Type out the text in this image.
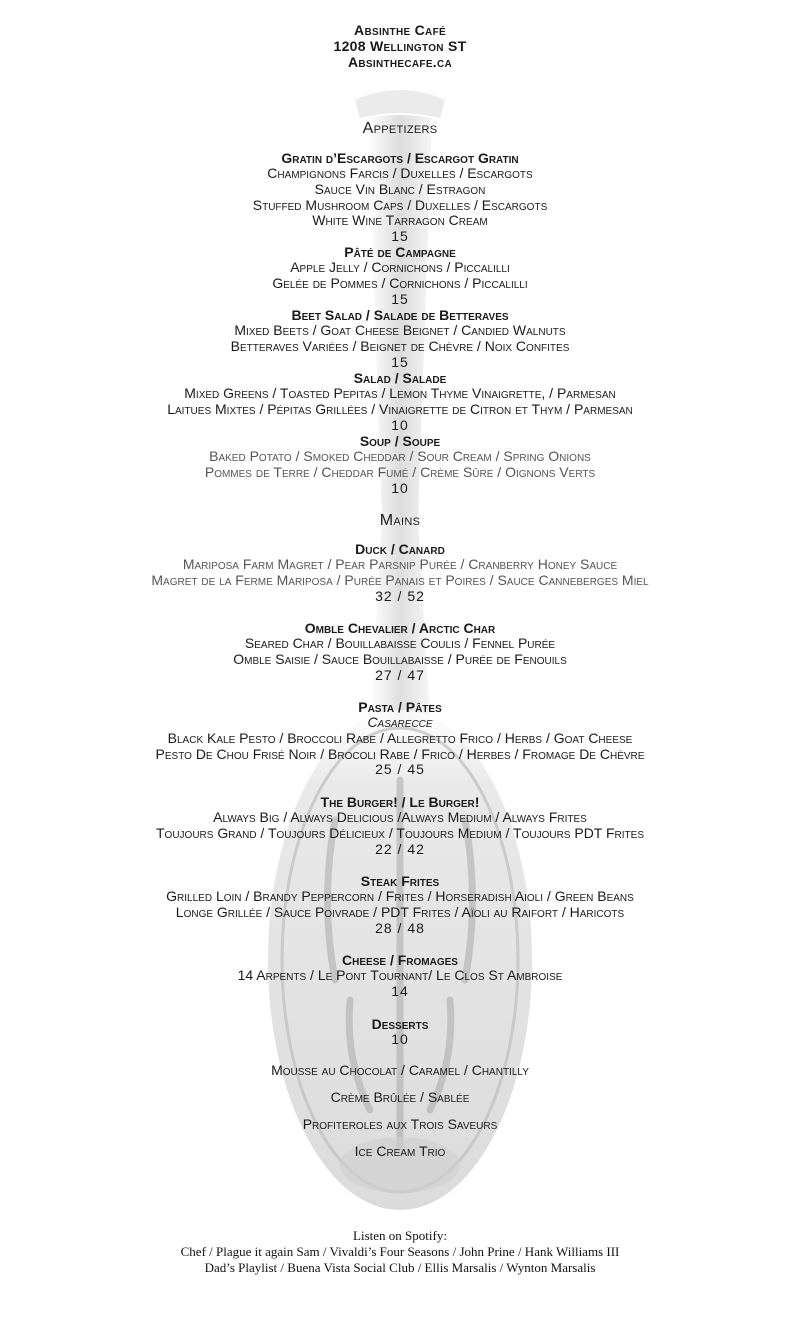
Absinthe Café
1208 Wellington ST
Absinthecafe.ca
Appetizers
Gratin d’Escargots / Escargot Gratin
Champignons Farcis / Duxelles / Escargots
Sauce Vin Blanc / Estragon
Stuffed Mushroom Caps / Duxelles / Escargots
White Wine Tarragon Cream
15
Pâté de Campagne
Apple Jelly / Cornichons / Piccalilli
Gelée de Pommes / Cornichons / Piccalilli
15
Beet Salad / Salade de Betteraves
Mixed Beets / Goat Cheese Beignet / Candied Walnuts
Betteraves Variées / Beignet de Chèvre / Noix Confites
15
Salad / Salade
Mixed Greens / Toasted Pepitas / Lemon Thyme Vinaigrette, / Parmesan
Laitues Mixtes / Pépitas Grillées / Vinaigrette de Citron et Thym / Parmesan
10
Soup / Soupe
Baked Potato / Smoked Cheddar / Sour Cream / Spring Onions
Pommes de Terre / Cheddar Fumé / Crème Sûre / Oignons Verts
10
Mains
Duck / Canard
Mariposa Farm Magret / Pear Parsnip Purée / Cranberry Honey Sauce
Magret de la Ferme Mariposa / Purée Panais et Poires / Sauce Canneberges Miel
32 / 52
Omble Chevalier / Arctic Char
Seared Char / Bouillabaisse Coulis / Fennel Purée
Omble Saisie / Sauce Bouillabaisse / Purée de Fenouils
27 / 47
Pasta / Pâtes
Casarecce
Black Kale Pesto / Broccoli Rabe / Allegretto Frico / Herbs / Goat Cheese
Pesto De Chou Frisé Noir / Brocoli Rabe / Frico / Herbes / Fromage De Chèvre
25 / 45
The Burger! / Le Burger!
Always Big / Always Delicious /Always Medium / Always Frites
Toujours Grand / Toujours Délicieux / Toujours Medium / Toujours PDT Frites
22 / 42
Steak Frites
Grilled Loin / Brandy Peppercorn / Frites / Horseradish Aioli / Green Beans
Longe Grillée / Sauce Poivrade / PDT Frites / Aïoli au Raifort / Haricots
28 / 48
Cheese / Fromages
14 Arpents / Le Pont Tournant/ Le Clos St Ambroise
14
Desserts
10
Mousse au Chocolat / Caramel / Chantilly
Crème Brûlée / Sablée
Profiteroles aux Trois Saveurs
Ice Cream Trio
Listen on Spotify:
Chef / Plague it again Sam / Vivaldi’s Four Seasons / John Prine / Hank Williams III
Dad’s Playlist / Buena Vista Social Club / Ellis Marsalis / Wynton Marsalis
